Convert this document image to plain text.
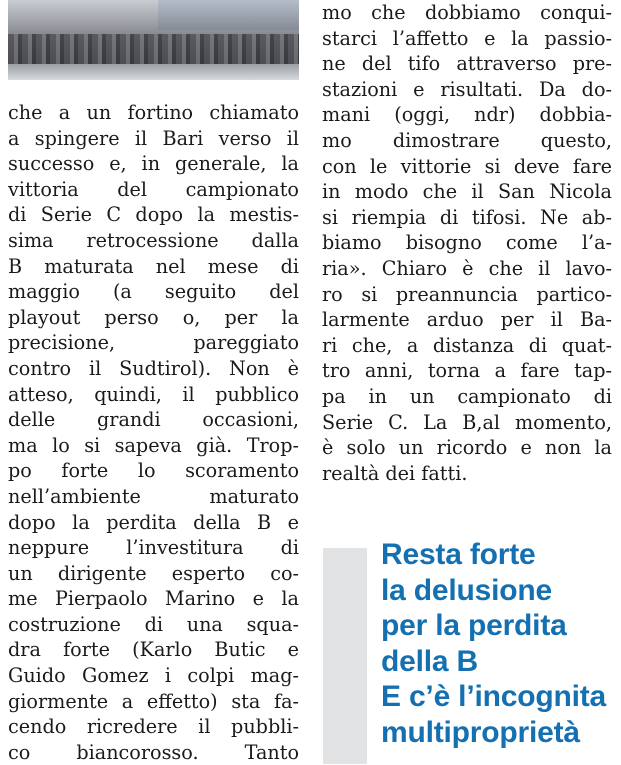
che a un fortino chiamato
a spingere il Bari verso il
successo e, in generale, la
vittoria del campionato
di Serie C dopo la mestis-
sima retrocessione dalla
B maturata nel mese di
maggio (a seguito del
playout perso o, per la
precisione, pareggiato
contro il Sudtirol). Non è
atteso, quindi, il pubblico
delle grandi occasioni,
ma lo si sapeva già. Trop-
po forte lo scoramento
nell’ambiente maturato
dopo la perdita della B e
neppure l’investitura di
un dirigente esperto co-
me Pierpaolo Marino e la
costruzione di una squa-
dra forte (Karlo Butic e
Guido Gomez i colpi mag-
giormente a effetto) sta fa-
cendo ricredere il pubbli-
co biancorosso. Tanto
mo che dobbiamo conqui-
starci l’affetto e la passio-
ne del tifo attraverso pre-
stazioni e risultati. Da do-
mani (oggi, ndr) dobbia-
mo dimostrare questo,
con le vittorie si deve fare
in modo che il San Nicola
si riempia di tifosi. Ne ab-
biamo bisogno come l’a-
ria». Chiaro è che il lavo-
ro si preannuncia partico-
larmente arduo per il Ba-
ri che, a distanza di quat-
tro anni, torna a fare tap-
pa in un campionato di
Serie C. La B,al momento,
è solo un ricordo e non la
realtà dei fatti.
Resta forte
la delusione
per la perdita
della B
E c’è l’incognita
multiproprietà
